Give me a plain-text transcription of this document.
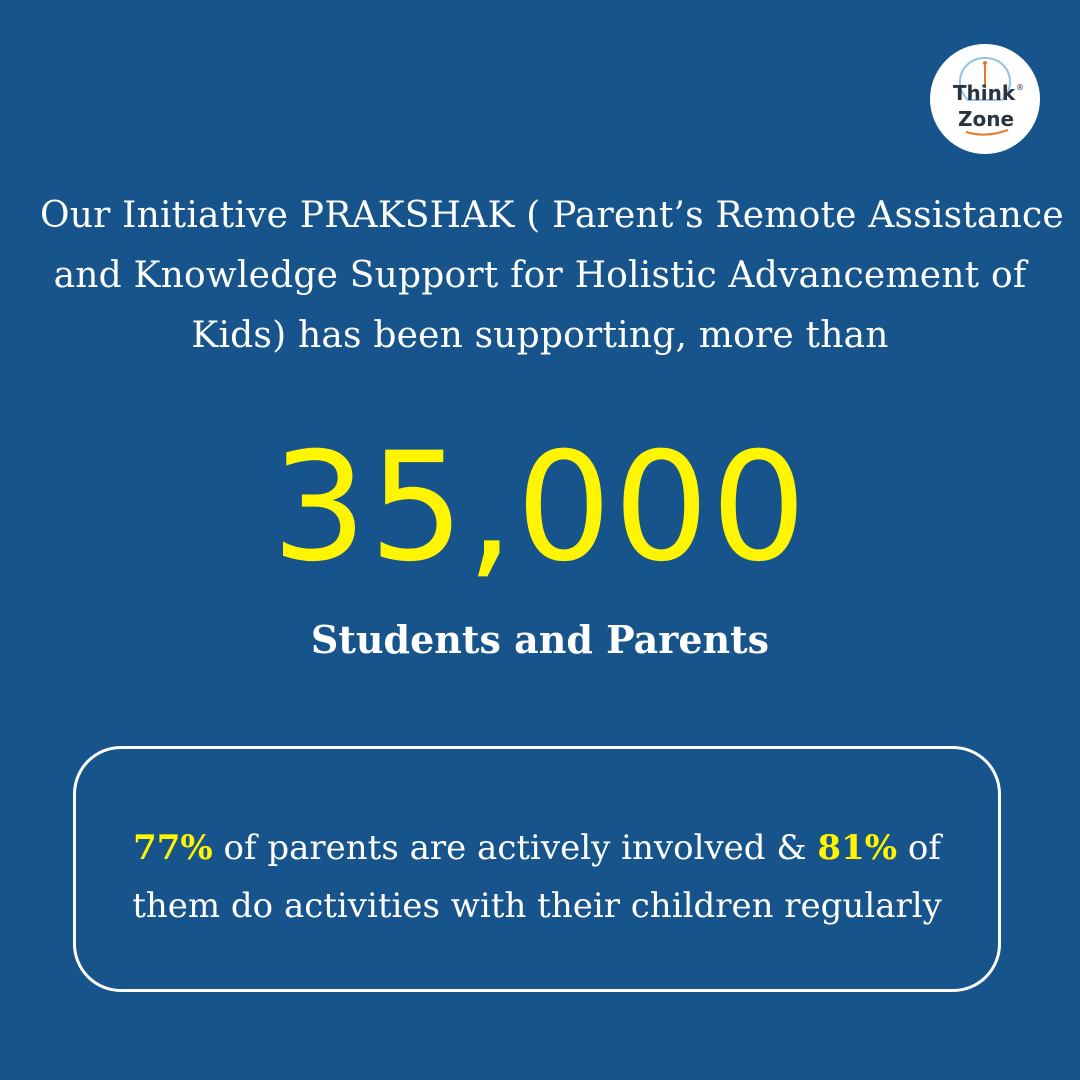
Think
Zone
®
Our Initiative PRAKSHAK ( Parent’s Remote Assistance
and Knowledge Support for Holistic Advancement of
Kids) has been supporting, more than
35,000
Students and Parents
77% of parents are actively involved & 81% of
them do activities with their children regularly
